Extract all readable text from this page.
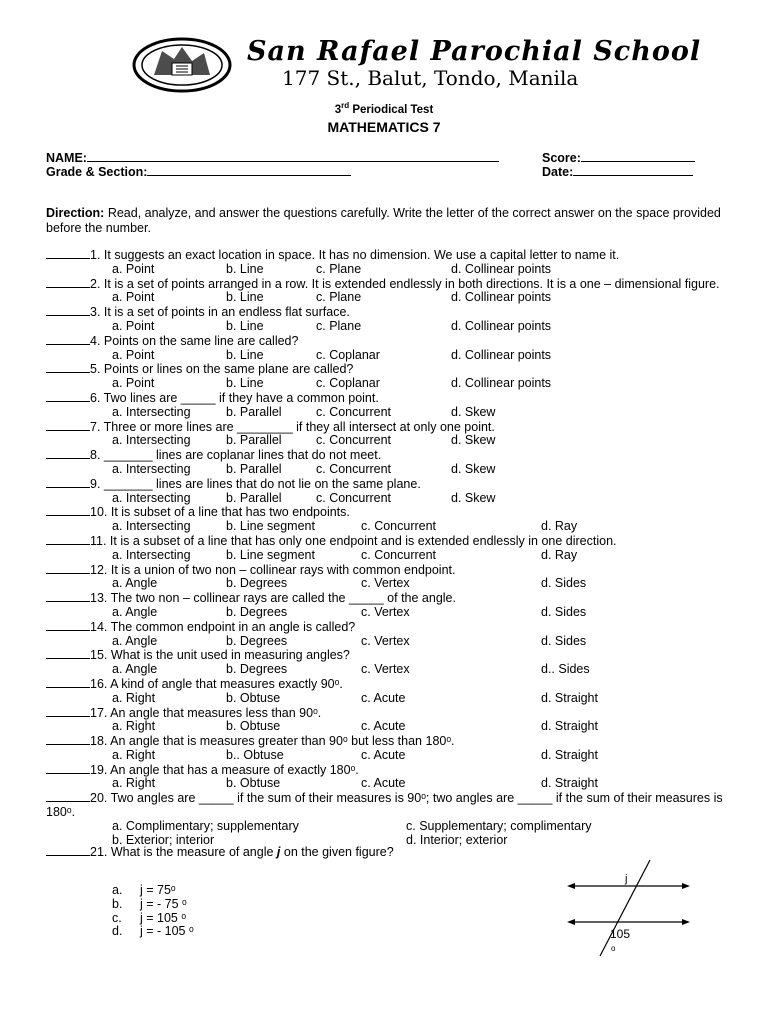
San Rafael Parochial School
177 St., Balut, Tondo, Manila
3rd Periodical Test
MATHEMATICS 7
NAME:	Score:
Grade & Section:	Date:
Direction: Read, analyze, and answer the questions carefully. Write the letter of the correct answer on the space provided before the number.
1. It suggests an exact location in space. It has no dimension. We use a capital letter to name it.
a. Point	b. Line	c. Plane	d. Collinear points
2. It is a set of points arranged in a row. It is extended endlessly in both directions. It is a one – dimensional figure.
a. Point	b. Line	c. Plane	d. Collinear points
3. It is a set of points in an endless flat surface.
a. Point	b. Line	c. Plane	d. Collinear points
4. Points on the same line are called?
a. Point	b. Line	c. Coplanar	d. Collinear points
5. Points or lines on the same plane are called?
a. Point	b. Line	c. Coplanar	d. Collinear points
6. Two lines are _____ if they have a common point.
a. Intersecting	b. Parallel	c. Concurrent	d. Skew
7. Three or more lines are ________ if they all intersect at only one point.
a. Intersecting	b. Parallel	c. Concurrent	d. Skew
8. _______ lines are coplanar lines that do not meet.
a. Intersecting	b. Parallel	c. Concurrent	d. Skew
9. _______ lines are lines that do not lie on the same plane.
a. Intersecting	b. Parallel	c. Concurrent	d. Skew
10. It is subset of a line that has two endpoints.
a. Intersecting	b. Line segment	c. Concurrent	d. Ray
11. It is a subset of a line that has only one endpoint and is extended endlessly in one direction.
a. Intersecting	b. Line segment	c. Concurrent	d. Ray
12. It is a union of two non – collinear rays with common endpoint.
a. Angle	b. Degrees	c. Vertex	d. Sides
13. The two non – collinear rays are called the _____ of the angle.
a. Angle	b. Degrees	c. Vertex	d. Sides
14. The common endpoint in an angle is called?
a. Angle	b. Degrees	c. Vertex	d. Sides
15. What is the unit used in measuring angles?
a. Angle	b. Degrees	c. Vertex	d.. Sides
16. A kind of angle that measures exactly 90ᵒ.
a. Right	b. Obtuse	c. Acute	d. Straight
17. An angle that measures less than 90ᵒ.
a. Right	b. Obtuse	c. Acute	d. Straight
18. An angle that is measures greater than 90ᵒ but less than 180ᵒ.
a. Right	b.. Obtuse	c. Acute	d. Straight
19. An angle that has a measure of exactly 180ᵒ.
a. Right	b. Obtuse	c. Acute	d. Straight
20. Two angles are _____ if the sum of their measures is 90ᵒ; two angles are _____ if the sum of their measures is 180ᵒ.
a. Complimentary; supplementary	c. Supplementary; complimentary
b. Exterior; interior	d. Interior; exterior
21. What is the measure of angle j on the given figure?
a. j = 75ᵒ
b. j = - 75 ᵒ
c. j = 105 ᵒ
d. j = - 105 ᵒ
j
105
o
